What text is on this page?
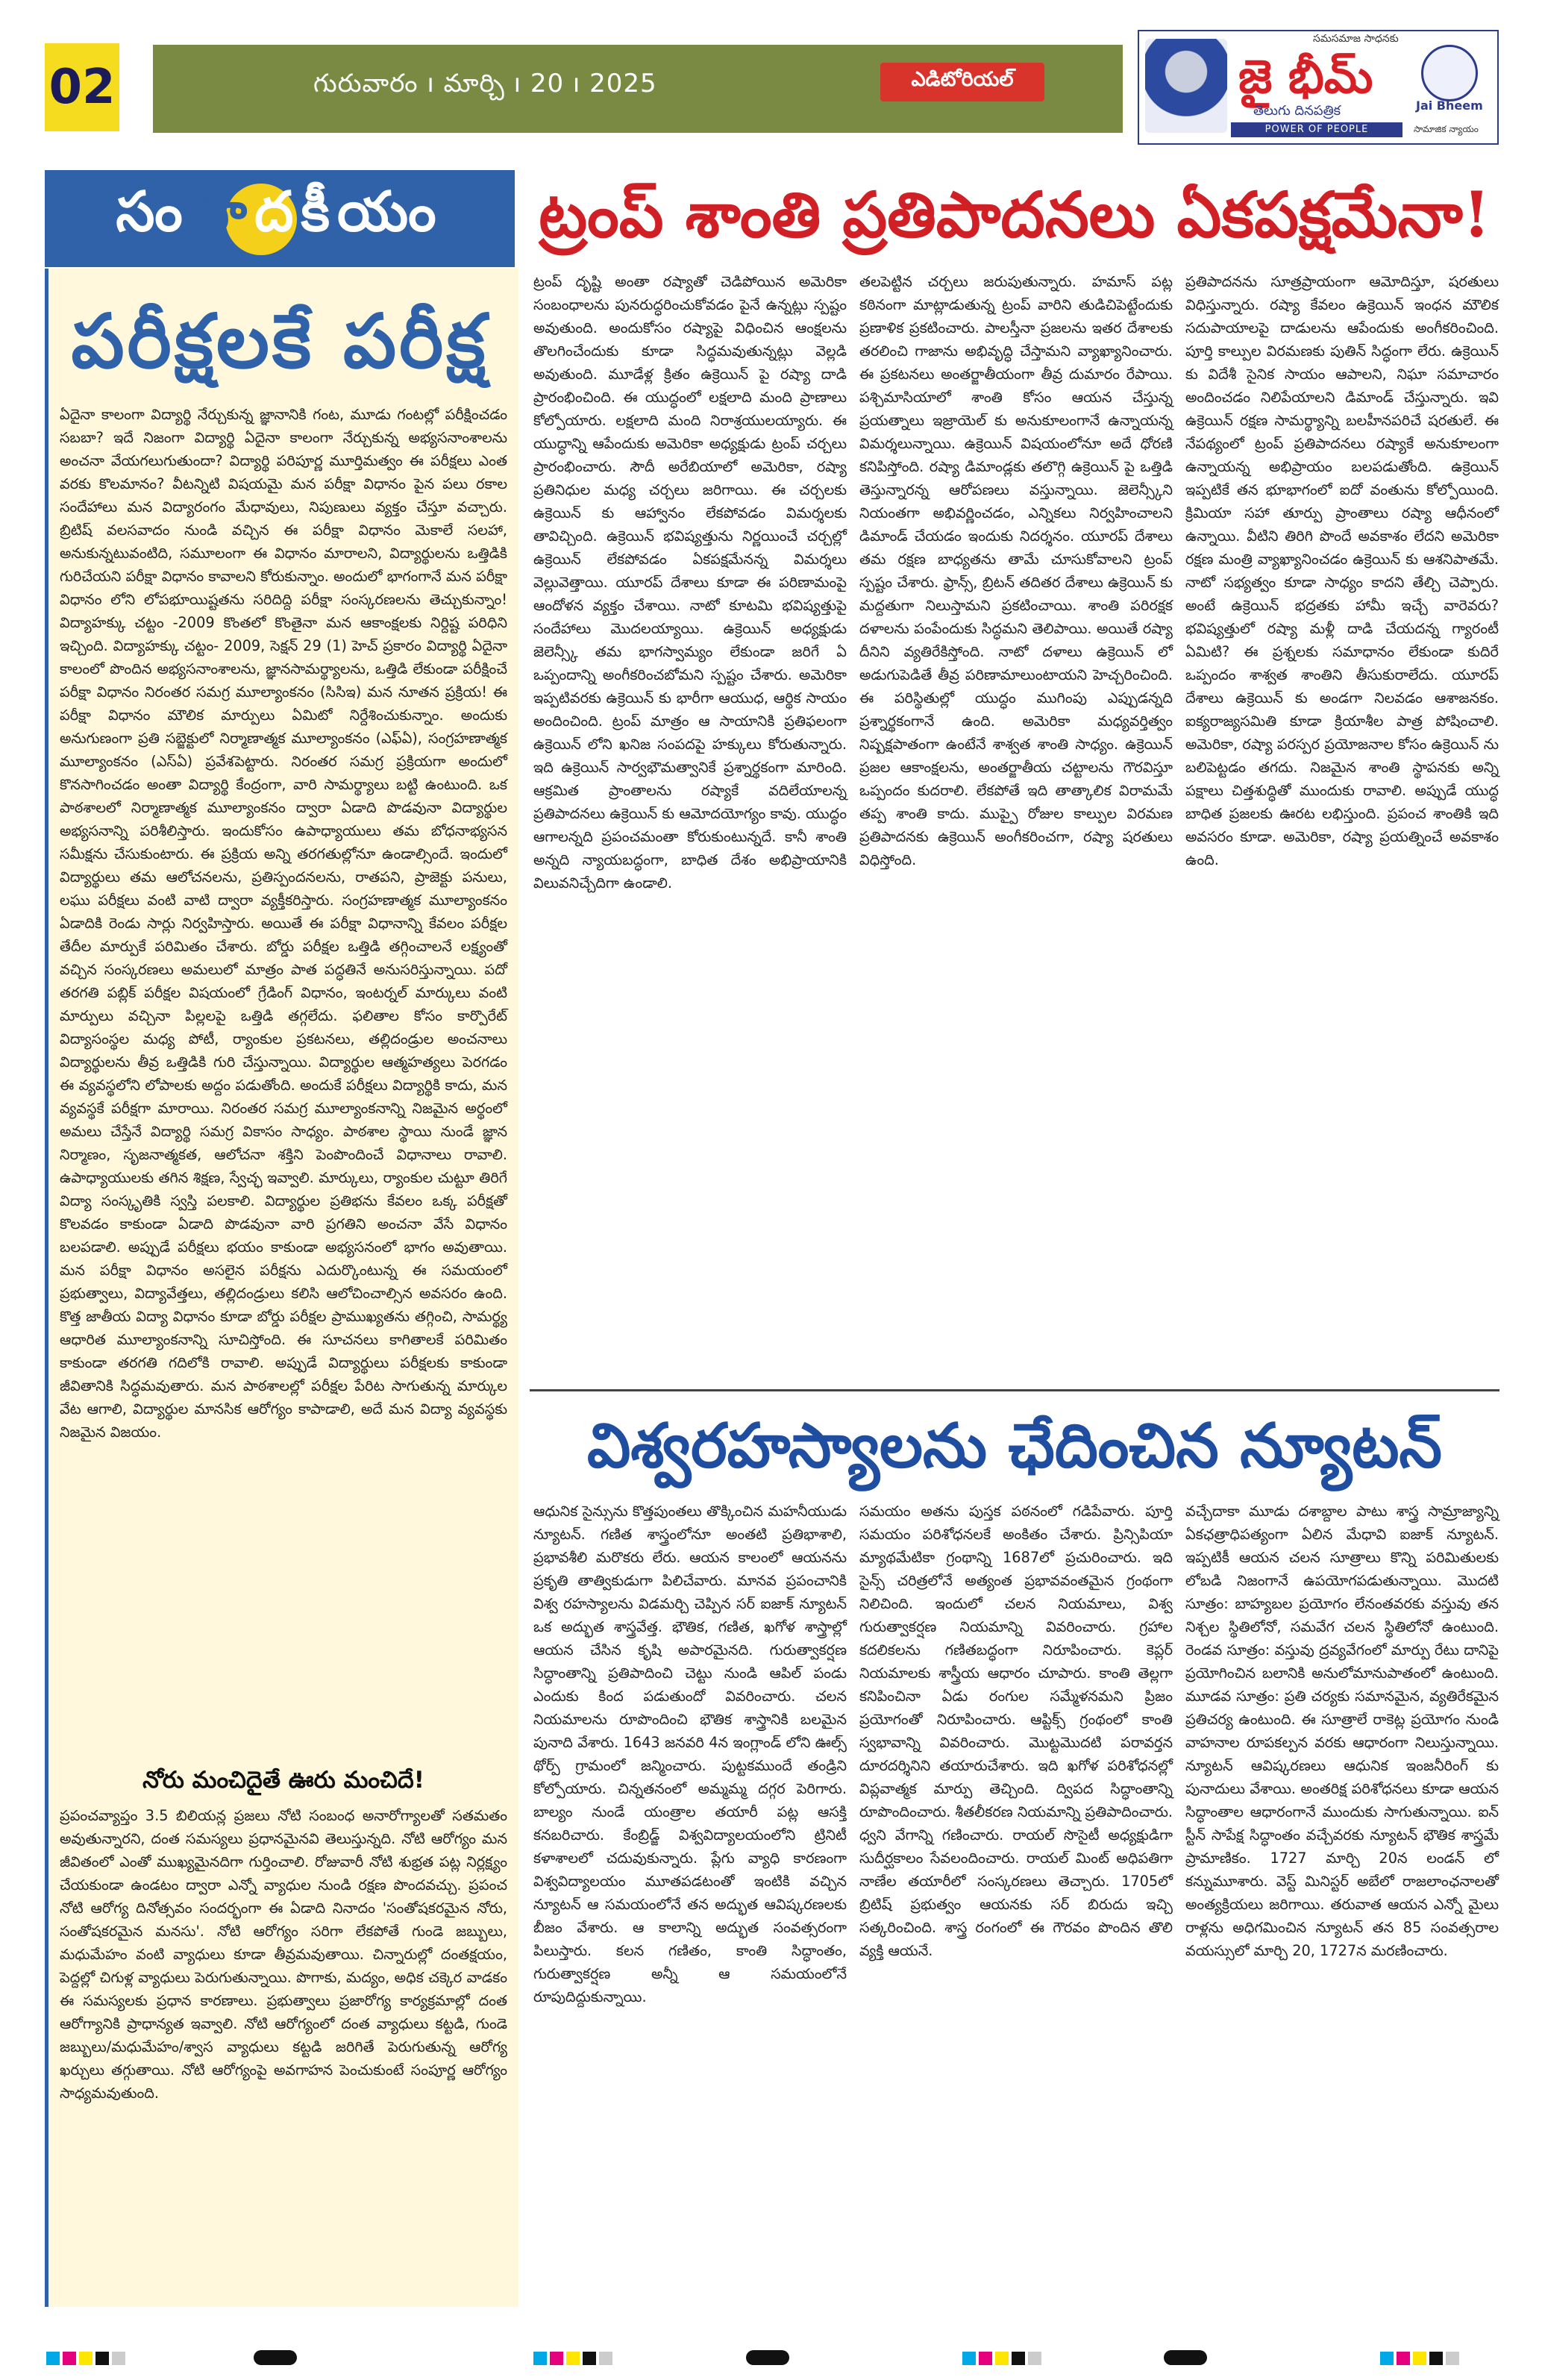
02	గురువారం ı మార్చి ı 20 ı 2025	ఎడిటోరియల్
సమసమాజ సాధనకు
జై భీమ్
Jai Bheem
తెలుగు దినపత్రిక
POWER OF PEOPLE	సామాజిక న్యాయం
సం పా దకీయం
పరీక్షలకే పరీక్ష
ఏదైనా కాలంగా విద్యార్థి నేర్చుకున్న జ్ఞానానికి గంట, మూడు గంటల్లో పరీక్షించడం సబబా? ఇదే నిజంగా విద్యార్థి ఏదైనా కాలంగా నేర్చుకున్న అభ్యసనాంశాలను అంచనా వేయగలుగుతుందా? విద్యార్థి పరిపూర్ణ మూర్తిమత్వం ఈ పరీక్షలు ఎంత వరకు కొలమానం? వీటన్నిటి విషయమై మన పరీక్షా విధానం పైన పలు రకాల సందేహాలు మన విద్యారంగం మేధావులు, నిపుణులు వ్యక్తం చేస్తూ వచ్చారు. బ్రిటిష్ వలసవాదం నుండి వచ్చిన ఈ పరీక్షా విధానం మెకాలే సలహా, అనుకున్నటువంటిది, సమూలంగా ఈ విధానం మారాలని, విద్యార్థులను ఒత్తిడికి గురిచేయని పరీక్షా విధానం కావాలని కోరుకున్నాం. అందులో భాగంగానే మన పరీక్షా విధానం లోని లోపభూయిష్టతను సరిదిద్ది పరీక్షా సంస్కరణలను తెచ్చుకున్నాం! విద్యాహక్కు చట్టం -2009 కొంతలో కొంతైనా మన ఆకాంక్షలకు నిర్దిష్ట పరిధిని ఇచ్చింది. విద్యాహక్కు చట్టం- 2009, సెక్షన్ 29 (1) హెచ్ ప్రకారం విద్యార్థి ఏదైనా కాలంలో పొందిన అభ్యసనాంశాలను, జ్ఞానసామర్థ్యాలను, ఒత్తిడి లేకుండా పరీక్షించే పరీక్షా విధానం నిరంతర సమగ్ర మూల్యాంకనం (సిసిఇ) మన నూతన ప్రక్రియ! ఈ పరీక్షా విధానం మౌలిక మార్పులు ఏమిటో నిర్దేశించుకున్నాం. అందుకు అనుగుణంగా ప్రతి సబ్జెక్టులో నిర్మాణాత్మక మూల్యాంకనం (ఎఫ్ఏ), సంగ్రహణాత్మక మూల్యాంకనం (ఎస్ఏ) ప్రవేశపెట్టారు. నిరంతర సమగ్ర ప్రక్రియగా అందులో కొనసాగించడం అంతా విద్యార్థి కేంద్రంగా, వారి సామర్థ్యాలు బట్టి ఉంటుంది. ఒక పాఠశాలలో నిర్మాణాత్మక మూల్యాంకనం ద్వారా ఏడాది పొడవునా విద్యార్థుల అభ్యసనాన్ని పరిశీలిస్తారు. ఇందుకోసం ఉపాధ్యాయులు తమ బోధనాభ్యసన సమీక్షను చేసుకుంటారు. ఈ ప్రక్రియ అన్ని తరగతుల్లోనూ ఉండాల్సిందే. ఇందులో విద్యార్థులు తమ ఆలోచనలను, ప్రతిస్పందనలను, రాతపని, ప్రాజెక్టు పనులు, లఘు పరీక్షలు వంటి వాటి ద్వారా వ్యక్తీకరిస్తారు. సంగ్రహణాత్మక మూల్యాంకనం ఏడాదికి రెండు సార్లు నిర్వహిస్తారు. అయితే ఈ పరీక్షా విధానాన్ని కేవలం పరీక్షల తేదీల మార్పుకే పరిమితం చేశారు. బోర్డు పరీక్షల ఒత్తిడి తగ్గించాలనే లక్ష్యంతో వచ్చిన సంస్కరణలు అమలులో మాత్రం పాత పద్ధతినే అనుసరిస్తున్నాయి. పదో తరగతి పబ్లిక్ పరీక్షల విషయంలో గ్రేడింగ్ విధానం, ఇంటర్నల్ మార్కులు వంటి మార్పులు వచ్చినా పిల్లలపై ఒత్తిడి తగ్గలేదు. ఫలితాల కోసం కార్పొరేట్ విద్యాసంస్థల మధ్య పోటీ, ర్యాంకుల ప్రకటనలు, తల్లిదండ్రుల అంచనాలు విద్యార్థులను తీవ్ర ఒత్తిడికి గురి చేస్తున్నాయి. విద్యార్థుల ఆత్మహత్యలు పెరగడం ఈ వ్యవస్థలోని లోపాలకు అద్దం పడుతోంది. అందుకే పరీక్షలు విద్యార్థికి కాదు, మన వ్యవస్థకే పరీక్షగా మారాయి. నిరంతర సమగ్ర మూల్యాంకనాన్ని నిజమైన అర్థంలో అమలు చేస్తేనే విద్యార్థి సమగ్ర వికాసం సాధ్యం. పాఠశాల స్థాయి నుండే జ్ఞాన నిర్మాణం, సృజనాత్మకత, ఆలోచనా శక్తిని పెంపొందించే విధానాలు రావాలి. ఉపాధ్యాయులకు తగిన శిక్షణ, స్వేచ్ఛ ఇవ్వాలి. మార్కులు, ర్యాంకుల చుట్టూ తిరిగే విద్యా సంస్కృతికి స్వస్తి పలకాలి. విద్యార్థుల ప్రతిభను కేవలం ఒక్క పరీక్షతో కొలవడం కాకుండా ఏడాది పొడవునా వారి ప్రగతిని అంచనా వేసే విధానం బలపడాలి. అప్పుడే పరీక్షలు భయం కాకుండా అభ్యసనంలో భాగం అవుతాయి. మన పరీక్షా విధానం అసలైన పరీక్షను ఎదుర్కొంటున్న ఈ సమయంలో ప్రభుత్వాలు, విద్యావేత్తలు, తల్లిదండ్రులు కలిసి ఆలోచించాల్సిన అవసరం ఉంది. కొత్త జాతీయ విద్యా విధానం కూడా బోర్డు పరీక్షల ప్రాముఖ్యతను తగ్గించి, సామర్థ్య ఆధారిత మూల్యాంకనాన్ని సూచిస్తోంది. ఈ సూచనలు కాగితాలకే పరిమితం కాకుండా తరగతి గదిలోకి రావాలి. అప్పుడే విద్యార్థులు పరీక్షలకు కాకుండా జీవితానికి సిద్ధమవుతారు. మన పాఠశాలల్లో పరీక్షల పేరిట సాగుతున్న మార్కుల వేట ఆగాలి, విద్యార్థుల మానసిక ఆరోగ్యం కాపాడాలి, అదే మన విద్యా వ్యవస్థకు నిజమైన విజయం.
నోరు మంచిదైతే ఊరు మంచిదే!
ప్రపంచవ్యాప్తం 3.5 బిలియన్ల ప్రజలు నోటి సంబంధ అనారోగ్యాలతో సతమతం అవుతున్నారని, దంత సమస్యలు ప్రధానమైనవి తెలుస్తున్నది. నోటి ఆరోగ్యం మన జీవితంలో ఎంతో ముఖ్యమైనదిగా గుర్తించాలి. రోజువారీ నోటి శుభ్రత పట్ల నిర్లక్ష్యం చేయకుండా ఉండటం ద్వారా ఎన్నో వ్యాధుల నుండి రక్షణ పొందవచ్చు. ప్రపంచ నోటి ఆరోగ్య దినోత్సవం సందర్భంగా ఈ ఏడాది నినాదం 'సంతోషకరమైన నోరు, సంతోషకరమైన మనసు'. నోటి ఆరోగ్యం సరిగా లేకపోతే గుండె జబ్బులు, మధుమేహం వంటి వ్యాధులు కూడా తీవ్రమవుతాయి. చిన్నారుల్లో దంతక్షయం, పెద్దల్లో చిగుళ్ల వ్యాధులు పెరుగుతున్నాయి. పొగాకు, మద్యం, అధిక చక్కెర వాడకం ఈ సమస్యలకు ప్రధాన కారణాలు. ప్రభుత్వాలు ప్రజారోగ్య కార్యక్రమాల్లో దంత ఆరోగ్యానికి ప్రాధాన్యత ఇవ్వాలి. నోటి ఆరోగ్యంలో దంత వ్యాధులు కట్టడి, గుండె జబ్బులు/మధుమేహం/శ్వాస వ్యాధులు కట్టడి జరిగితే పెరుగుతున్న ఆరోగ్య ఖర్చులు తగ్గుతాయి. నోటి ఆరోగ్యంపై అవగాహన పెంచుకుంటే సంపూర్ణ ఆరోగ్యం సాధ్యమవుతుంది.
ట్రంప్ శాంతి ప్రతిపాదనలు ఏకపక్షమేనా!
ట్రంప్ దృష్టి అంతా రష్యాతో చెడిపోయిన అమెరికా సంబంధాలను పునరుద్ధరించుకోవడం పైనే ఉన్నట్లు స్పష్టం అవుతుంది. అందుకోసం రష్యాపై విధించిన ఆంక్షలను తొలగించేందుకు కూడా సిద్ధమవుతున్నట్లు వెల్లడి అవుతుంది. మూడేళ్ల క్రితం ఉక్రెయిన్ పై రష్యా దాడి ప్రారంభించింది. ఈ యుద్ధంలో లక్షలాది మంది ప్రాణాలు కోల్పోయారు. లక్షలాది మంది నిరాశ్రయులయ్యారు. ఈ యుద్ధాన్ని ఆపేందుకు అమెరికా అధ్యక్షుడు ట్రంప్ చర్చలు ప్రారంభించారు. సౌదీ అరేబియాలో అమెరికా, రష్యా ప్రతినిధుల మధ్య చర్చలు జరిగాయి. ఈ చర్చలకు ఉక్రెయిన్ కు ఆహ్వానం లేకపోవడం విమర్శలకు తావిచ్చింది. ఉక్రెయిన్ భవిష్యత్తును నిర్ణయించే చర్చల్లో ఉక్రెయిన్ లేకపోవడం ఏకపక్షమేనన్న విమర్శలు వెల్లువెత్తాయి. యూరప్ దేశాలు కూడా ఈ పరిణామంపై ఆందోళన వ్యక్తం చేశాయి. నాటో కూటమి భవిష్యత్తుపై సందేహాలు మొదలయ్యాయి. ఉక్రెయిన్ అధ్యక్షుడు జెలెన్స్కీ తమ భాగస్వామ్యం లేకుండా జరిగే ఏ ఒప్పందాన్ని అంగీకరించబోమని స్పష్టం చేశారు. అమెరికా ఇప్పటివరకు ఉక్రెయిన్ కు భారీగా ఆయుధ, ఆర్థిక సాయం అందించింది. ట్రంప్ మాత్రం ఆ సాయానికి ప్రతిఫలంగా ఉక్రెయిన్ లోని ఖనిజ సంపదపై హక్కులు కోరుతున్నారు. ఇది ఉక్రెయిన్ సార్వభౌమత్వానికే ప్రశ్నార్థకంగా మారింది. ఆక్రమిత ప్రాంతాలను రష్యాకే వదిలేయాలన్న ప్రతిపాదనలు ఉక్రెయిన్ కు ఆమోదయోగ్యం కావు. యుద్ధం ఆగాలన్నది ప్రపంచమంతా కోరుకుంటున్నదే. కానీ శాంతి అన్నది న్యాయబద్ధంగా, బాధిత దేశం అభిప్రాయానికి విలువనిచ్చేదిగా ఉండాలి.
తలపెట్టిన చర్చలు జరుపుతున్నారు. హమాస్ పట్ల కఠినంగా మాట్లాడుతున్న ట్రంప్ వారిని తుడిచిపెట్టేందుకు ప్రణాళిక ప్రకటించారు. పాలస్తీనా ప్రజలను ఇతర దేశాలకు తరలించి గాజాను అభివృద్ధి చేస్తామని వ్యాఖ్యానించారు. ఈ ప్రకటనలు అంతర్జాతీయంగా తీవ్ర దుమారం రేపాయి. పశ్చిమాసియాలో శాంతి కోసం ఆయన చేస్తున్న ప్రయత్నాలు ఇజ్రాయెల్ కు అనుకూలంగానే ఉన్నాయన్న విమర్శలున్నాయి. ఉక్రెయిన్ విషయంలోనూ అదే ధోరణి కనిపిస్తోంది. రష్యా డిమాండ్లకు తలొగ్గి ఉక్రెయిన్ పై ఒత్తిడి తెస్తున్నారన్న ఆరోపణలు వస్తున్నాయి. జెలెన్స్కీని నియంతగా అభివర్ణించడం, ఎన్నికలు నిర్వహించాలని డిమాండ్ చేయడం ఇందుకు నిదర్శనం. యూరప్ దేశాలు తమ రక్షణ బాధ్యతను తామే చూసుకోవాలని ట్రంప్ స్పష్టం చేశారు. ఫ్రాన్స్, బ్రిటన్ తదితర దేశాలు ఉక్రెయిన్ కు మద్దతుగా నిలుస్తామని ప్రకటించాయి. శాంతి పరిరక్షక దళాలను పంపేందుకు సిద్ధమని తెలిపాయి. అయితే రష్యా దీనిని వ్యతిరేకిస్తోంది. నాటో దళాలు ఉక్రెయిన్ లో అడుగుపెడితే తీవ్ర పరిణామాలుంటాయని హెచ్చరించింది. ఈ పరిస్థితుల్లో యుద్ధం ముగింపు ఎప్పుడన్నది ప్రశ్నార్థకంగానే ఉంది. అమెరికా మధ్యవర్తిత్వం నిష్పక్షపాతంగా ఉంటేనే శాశ్వత శాంతి సాధ్యం. ఉక్రెయిన్ ప్రజల ఆకాంక్షలను, అంతర్జాతీయ చట్టాలను గౌరవిస్తూ ఒప్పందం కుదరాలి. లేకపోతే ఇది తాత్కాలిక విరామమే తప్ప శాంతి కాదు. ముప్పై రోజుల కాల్పుల విరమణ ప్రతిపాదనకు ఉక్రెయిన్ అంగీకరించగా, రష్యా షరతులు విధిస్తోంది.
ప్రతిపాదనను సూత్రప్రాయంగా ఆమోదిస్తూ, షరతులు విధిస్తున్నారు. రష్యా కేవలం ఉక్రెయిన్ ఇంధన మౌలిక సదుపాయాలపై దాడులను ఆపేందుకు అంగీకరించింది. పూర్తి కాల్పుల విరమణకు పుతిన్ సిద్ధంగా లేరు. ఉక్రెయిన్ కు విదేశీ సైనిక సాయం ఆపాలని, నిఘా సమాచారం అందించడం నిలిపేయాలని డిమాండ్ చేస్తున్నారు. ఇవి ఉక్రెయిన్ రక్షణ సామర్థ్యాన్ని బలహీనపరిచే షరతులే. ఈ నేపథ్యంలో ట్రంప్ ప్రతిపాదనలు రష్యాకే అనుకూలంగా ఉన్నాయన్న అభిప్రాయం బలపడుతోంది. ఉక్రెయిన్ ఇప్పటికే తన భూభాగంలో ఐదో వంతును కోల్పోయింది. క్రిమియా సహా తూర్పు ప్రాంతాలు రష్యా ఆధీనంలో ఉన్నాయి. వీటిని తిరిగి పొందే అవకాశం లేదని అమెరికా రక్షణ మంత్రి వ్యాఖ్యానించడం ఉక్రెయిన్ కు ఆశనిపాతమే. నాటో సభ్యత్వం కూడా సాధ్యం కాదని తేల్చి చెప్పారు. అంటే ఉక్రెయిన్ భద్రతకు హామీ ఇచ్చే వారెవరు? భవిష్యత్తులో రష్యా మళ్లీ దాడి చేయదన్న గ్యారంటీ ఏమిటి? ఈ ప్రశ్నలకు సమాధానం లేకుండా కుదిరే ఒప్పందం శాశ్వత శాంతిని తీసుకురాలేదు. యూరప్ దేశాలు ఉక్రెయిన్ కు అండగా నిలవడం ఆశాజనకం. ఐక్యరాజ్యసమితి కూడా క్రియాశీల పాత్ర పోషించాలి. అమెరికా, రష్యా పరస్పర ప్రయోజనాల కోసం ఉక్రెయిన్ ను బలిపెట్టడం తగదు. నిజమైన శాంతి స్థాపనకు అన్ని పక్షాలు చిత్తశుద్ధితో ముందుకు రావాలి. అప్పుడే యుద్ధ బాధిత ప్రజలకు ఊరట లభిస్తుంది. ప్రపంచ శాంతికి ఇది అవసరం కూడా. అమెరికా, రష్యా ప్రయత్నించే అవకాశం ఉంది.
విశ్వరహస్యాలను ఛేదించిన న్యూటన్
ఆధునిక సైన్సును కొత్తపుంతలు తొక్కించిన మహనీయుడు న్యూటన్. గణిత శాస్త్రంలోనూ అంతటి ప్రతిభాశాలి, ప్రభావశీలి మరొకరు లేరు. ఆయన కాలంలో ఆయనను ప్రకృతి తాత్వికుడుగా పిలిచేవారు. మానవ ప్రపంచానికి విశ్వ రహస్యాలను విడమర్చి చెప్పిన సర్ ఐజాక్ న్యూటన్ ఒక అద్భుత శాస్త్రవేత్త. భౌతిక, గణిత, ఖగోళ శాస్త్రాల్లో ఆయన చేసిన కృషి అపారమైనది. గురుత్వాకర్షణ సిద్ధాంతాన్ని ప్రతిపాదించి చెట్టు నుండి ఆపిల్ పండు ఎందుకు కింద పడుతుందో వివరించారు. చలన నియమాలను రూపొందించి భౌతిక శాస్త్రానికి బలమైన పునాది వేశారు. 1643 జనవరి 4న ఇంగ్లాండ్ లోని ఊల్స్ థోర్ప్ గ్రామంలో జన్మించారు. పుట్టకముందే తండ్రిని కోల్పోయారు. చిన్నతనంలో అమ్మమ్మ దగ్గర పెరిగారు. బాల్యం నుండే యంత్రాల తయారీ పట్ల ఆసక్తి కనబరిచారు. కేంబ్రిడ్జ్ విశ్వవిద్యాలయంలోని ట్రినిటీ కళాశాలలో చదువుకున్నారు. ప్లేగు వ్యాధి కారణంగా విశ్వవిద్యాలయం మూతపడటంతో ఇంటికి వచ్చిన న్యూటన్ ఆ సమయంలోనే తన అద్భుత ఆవిష్కరణలకు బీజం వేశారు. ఆ కాలాన్ని అద్భుత సంవత్సరంగా పిలుస్తారు. కలన గణితం, కాంతి సిద్ధాంతం, గురుత్వాకర్షణ అన్నీ ఆ సమయంలోనే రూపుదిద్దుకున్నాయి.
సమయం అతను పుస్తక పఠనంలో గడిపేవారు. పూర్తి సమయం పరిశోధనలకే అంకితం చేశారు. ప్రిన్సిపియా మ్యాథమేటికా గ్రంథాన్ని 1687లో ప్రచురించారు. ఇది సైన్స్ చరిత్రలోనే అత్యంత ప్రభావవంతమైన గ్రంథంగా నిలిచింది. ఇందులో చలన నియమాలు, విశ్వ గురుత్వాకర్షణ నియమాన్ని వివరించారు. గ్రహాల కదలికలను గణితబద్ధంగా నిరూపించారు. కెప్లర్ నియమాలకు శాస్త్రీయ ఆధారం చూపారు. కాంతి తెల్లగా కనిపించినా ఏడు రంగుల సమ్మేళనమని ప్రిజం ప్రయోగంతో నిరూపించారు. ఆప్టిక్స్ గ్రంథంలో కాంతి స్వభావాన్ని వివరించారు. మొట్టమొదటి పరావర్తన దూరదర్శినిని తయారుచేశారు. ఇది ఖగోళ పరిశోధనల్లో విప్లవాత్మక మార్పు తెచ్చింది. ద్విపద సిద్ధాంతాన్ని రూపొందించారు. శీతలీకరణ నియమాన్ని ప్రతిపాదించారు. ధ్వని వేగాన్ని గణించారు. రాయల్ సొసైటీ అధ్యక్షుడిగా సుదీర్ఘకాలం సేవలందించారు. రాయల్ మింట్ అధిపతిగా నాణేల తయారీలో సంస్కరణలు తెచ్చారు. 1705లో బ్రిటిష్ ప్రభుత్వం ఆయనకు సర్ బిరుదు ఇచ్చి సత్కరించింది. శాస్త్ర రంగంలో ఈ గౌరవం పొందిన తొలి వ్యక్తి ఆయనే.
వచ్చేదాకా మూడు దశాబ్దాల పాటు శాస్త్ర సామ్రాజ్యాన్ని ఏకఛత్రాధిపత్యంగా ఏలిన మేధావి ఐజాక్ న్యూటన్. ఇప్పటికీ ఆయన చలన సూత్రాలు కొన్ని పరిమితులకు లోబడి నిజంగానే ఉపయోగపడుతున్నాయి. మొదటి సూత్రం: బాహ్యబల ప్రయోగం లేనంతవరకు వస్తువు తన నిశ్చల స్థితిలోనో, సమవేగ చలన స్థితిలోనో ఉంటుంది. రెండవ సూత్రం: వస్తువు ద్రవ్యవేగంలో మార్పు రేటు దానిపై ప్రయోగించిన బలానికి అనులోమానుపాతంలో ఉంటుంది. మూడవ సూత్రం: ప్రతి చర్యకు సమానమైన, వ్యతిరేకమైన ప్రతిచర్య ఉంటుంది. ఈ సూత్రాలే రాకెట్ల ప్రయోగం నుండి వాహనాల రూపకల్పన వరకు ఆధారంగా నిలుస్తున్నాయి. న్యూటన్ ఆవిష్కరణలు ఆధునిక ఇంజనీరింగ్ కు పునాదులు వేశాయి. అంతరిక్ష పరిశోధనలు కూడా ఆయన సిద్ధాంతాల ఆధారంగానే ముందుకు సాగుతున్నాయి. ఐన్ స్టీన్ సాపేక్ష సిద్ధాంతం వచ్చేవరకు న్యూటన్ భౌతిక శాస్త్రమే ప్రామాణికం. 1727 మార్చి 20న లండన్ లో కన్నుమూశారు. వెస్ట్ మినిస్టర్ అబేలో రాజలాంఛనాలతో అంత్యక్రియలు జరిగాయి. తరువాత ఆయన ఎన్నో మైలు రాళ్లను అధిగమించిన న్యూటన్ తన 85 సంవత్సరాల వయస్సులో మార్చి 20, 1727న మరణించారు.
